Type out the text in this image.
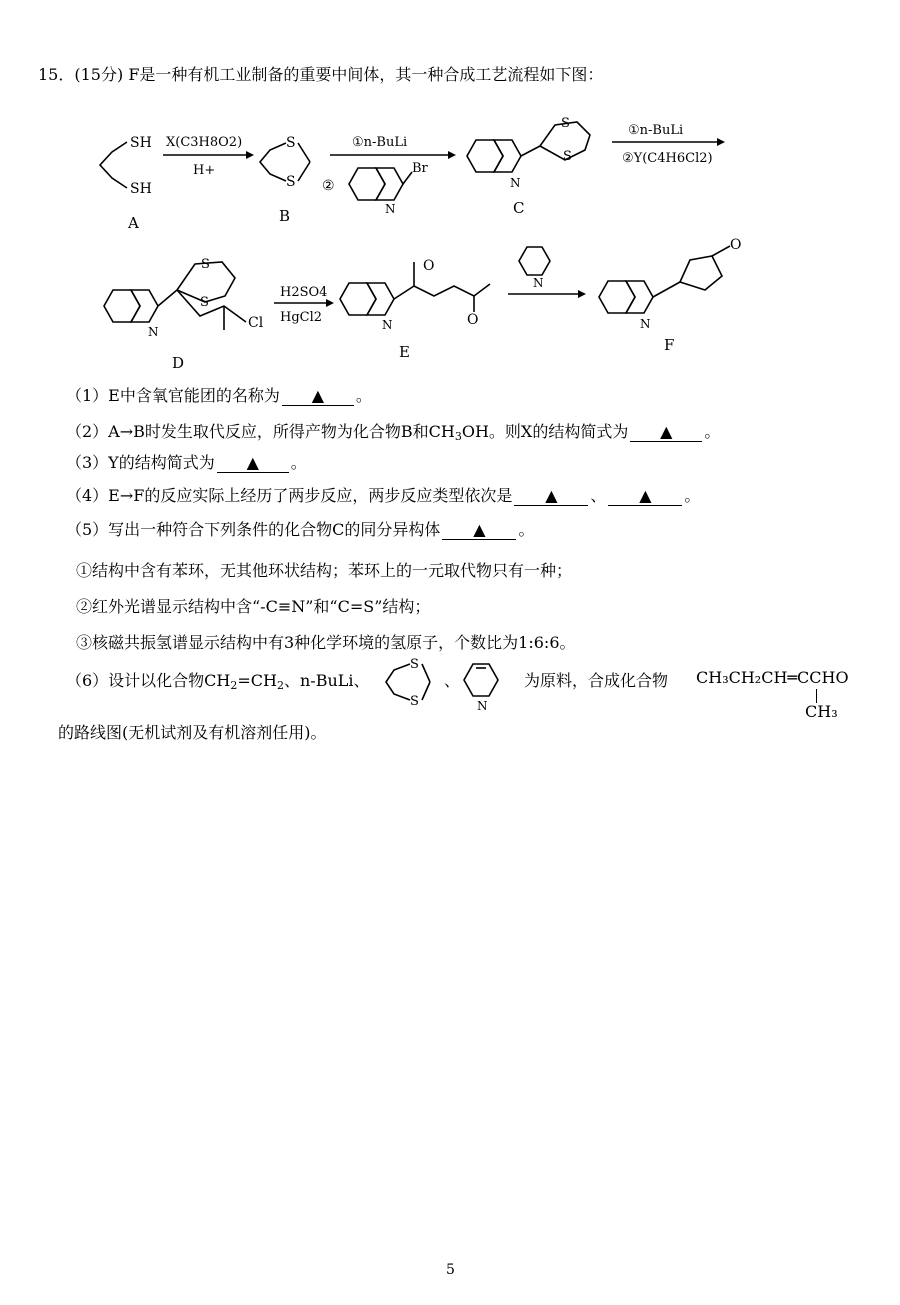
15．(15分) F是一种有机工业制备的重要中间体，其一种合成工艺流程如下图：
SH
SH
A
X(C3H8O2)
H+
S
S
B
①n-BuLi
②
N
Br
S
S
N
C
①n-BuLi
②Y(C4H6Cl2)
S
S
Cl
N
D
H2SO4
HgCl2
O
O
N
E
N
O
N
F
（1）E中含氧官能团的名称为 ▲ 。
（2）A→B时发生取代反应，所得产物为化合物B和$CH_3OH$。则X的结构简式为 ▲ 。
（3）Y的结构简式为 ▲ 。
（4）E→F的反应实际上经历了两步反应，两步反应类型依次是 ▲ 、 ▲ 。
（5）写出一种符合下列条件的化合物C的同分异构体 ▲ 。
①结构中含有苯环，无其他环状结构；苯环上的一元取代物只有一种；
②红外光谱显示结构中含“-C≡N”和“C=S”结构；
③核磁共振氢谱显示结构中有3种化学环境的氢原子，个数比为1:6:6。
（6）设计以化合物$CH_2=CH_2$、n-BuLi、
S
S
、
N
为原料，合成化合物 CH₃CH₂CH═CCHO
CH₃
的路线图(无机试剂及有机溶剂任用)。
5
